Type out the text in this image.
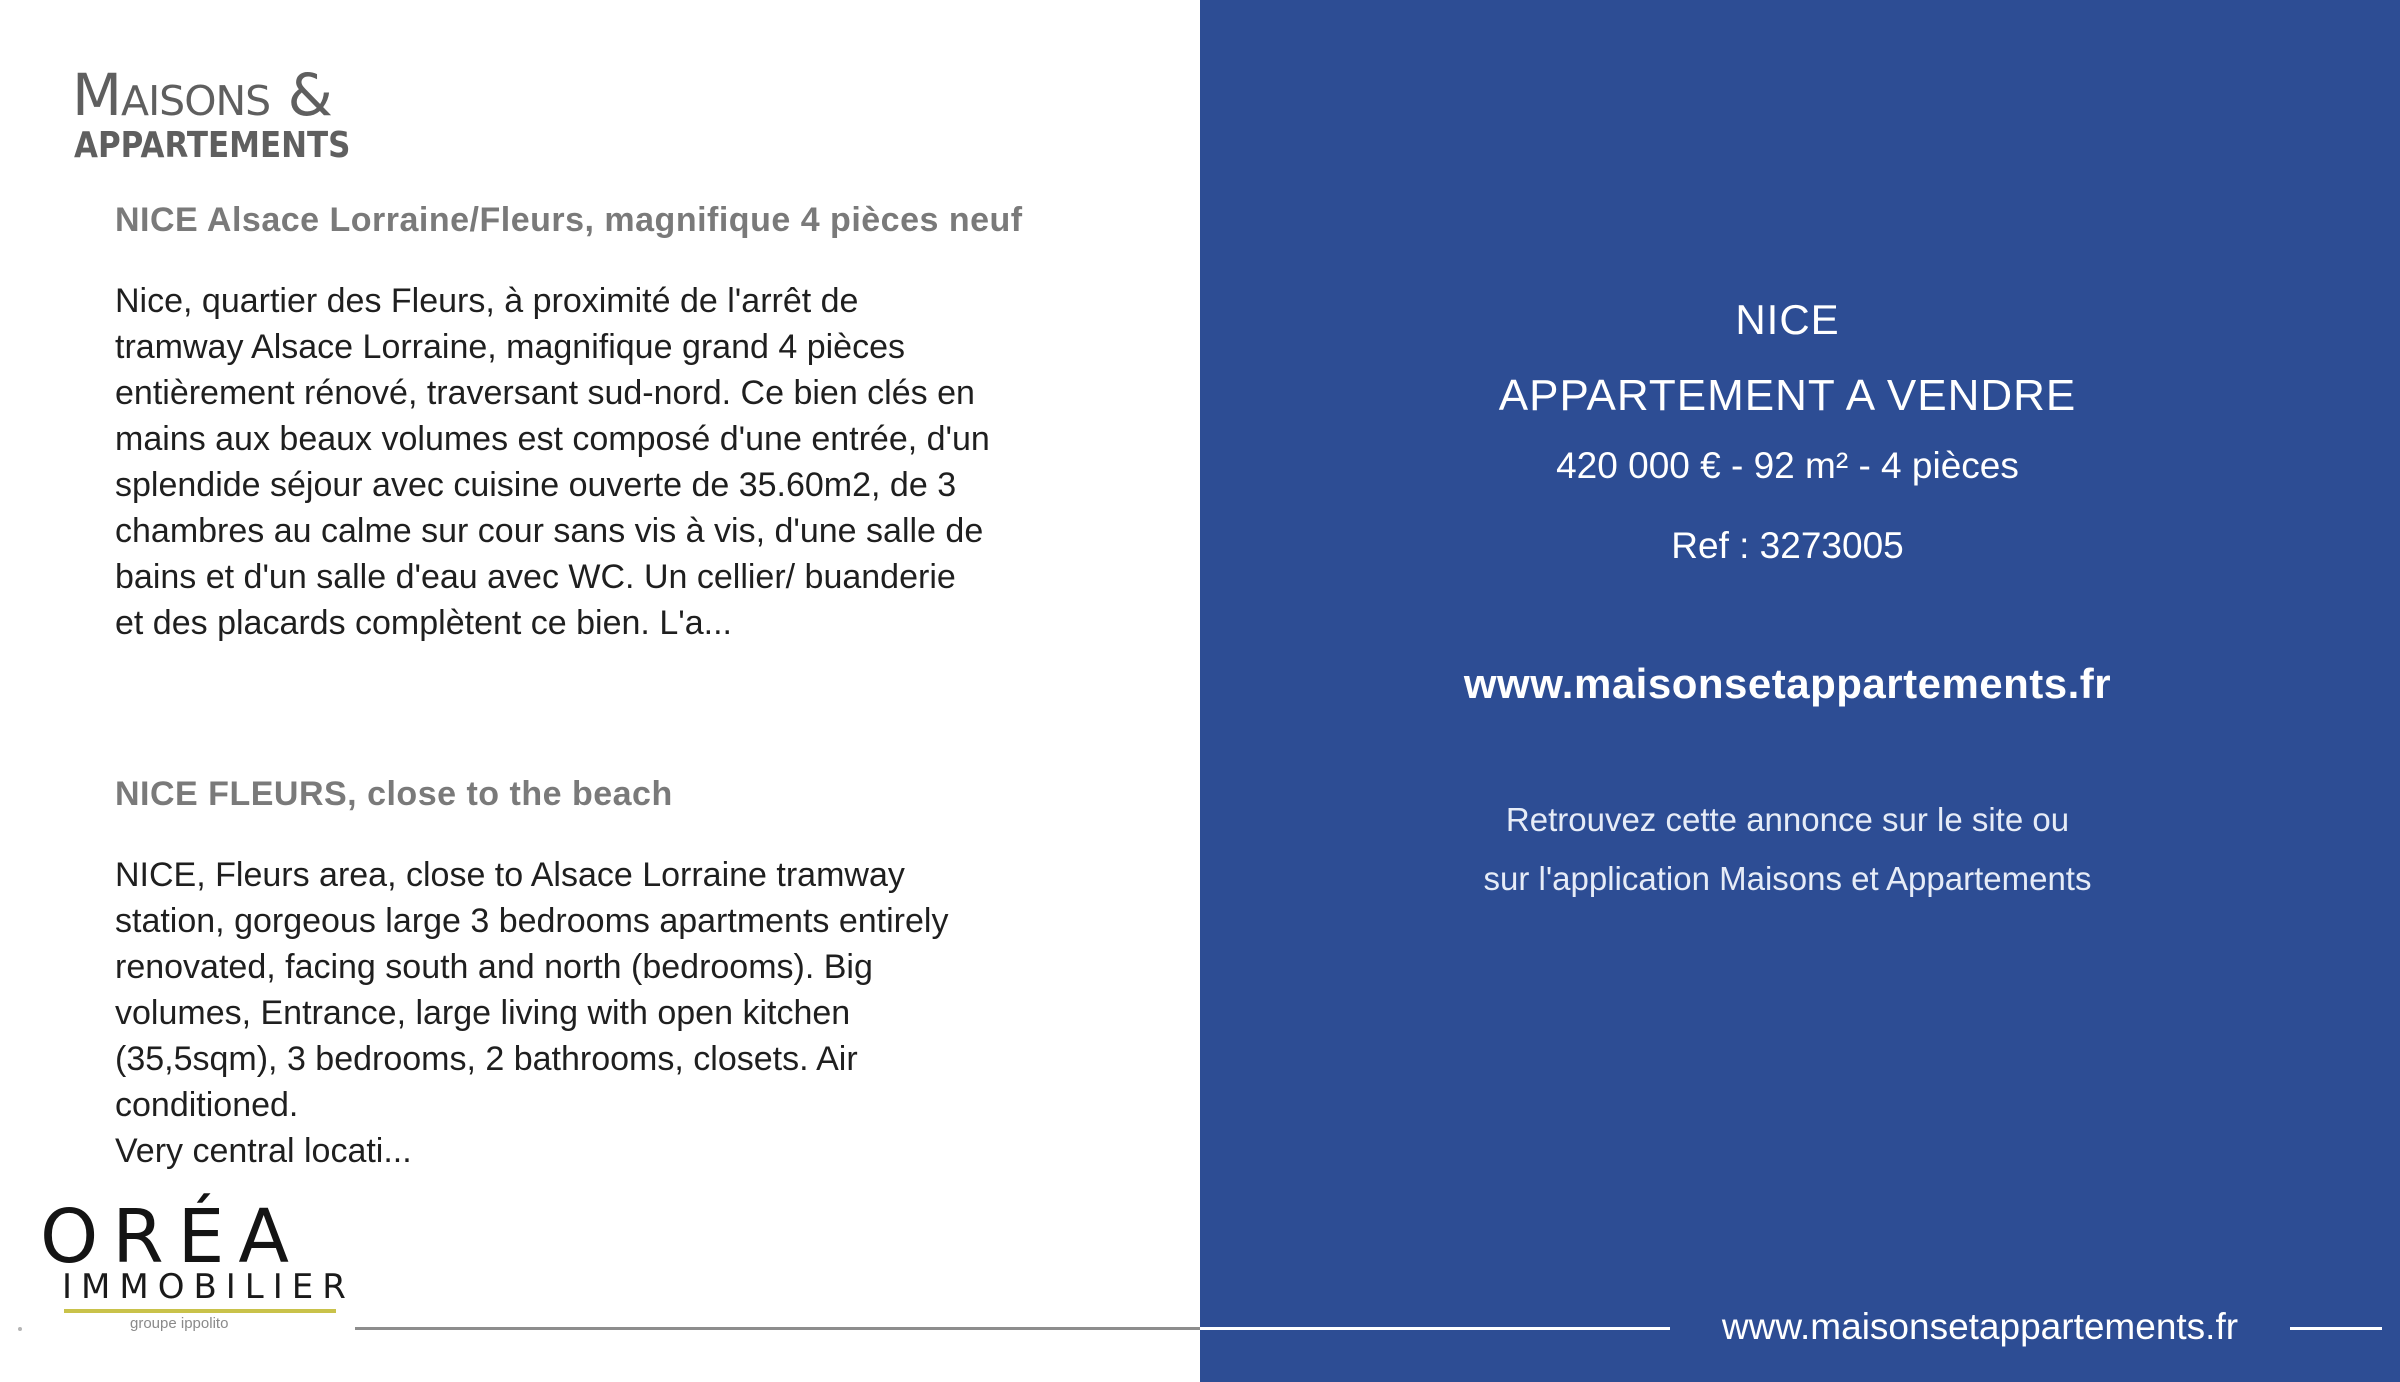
Maisons &
APPARTEMENTS
NICE Alsace Lorraine/Fleurs, magnifique 4 pièces neuf
Nice, quartier des Fleurs, à proximité de l'arrêt de
tramway Alsace Lorraine, magnifique grand 4 pièces
entièrement rénové, traversant sud-nord. Ce bien clés en
mains aux beaux volumes est composé d'une entrée, d'un
splendide séjour avec cuisine ouverte de 35.60m2, de 3
chambres au calme sur cour sans vis à vis, d'une salle de
bains et d'un salle d'eau avec WC. Un cellier/ buanderie
et des placards complètent ce bien. L'a...
NICE FLEURS, close to the beach
NICE, Fleurs area, close to Alsace Lorraine tramway
station, gorgeous large 3 bedrooms apartments entirely
renovated, facing south and north (bedrooms). Big
volumes, Entrance, large living with open kitchen
(35,5sqm), 3 bedrooms, 2 bathrooms, closets. Air
conditioned.
Very central locati...
ORÉA
IMMOBILIER
groupe ippolito
NICE
APPARTEMENT A VENDRE
420 000 € - 92 m² - 4 pièces
Ref : 3273005
www.maisonsetappartements.fr
Retrouvez cette annonce sur le site ou
sur l'application Maisons et Appartements
www.maisonsetappartements.fr
